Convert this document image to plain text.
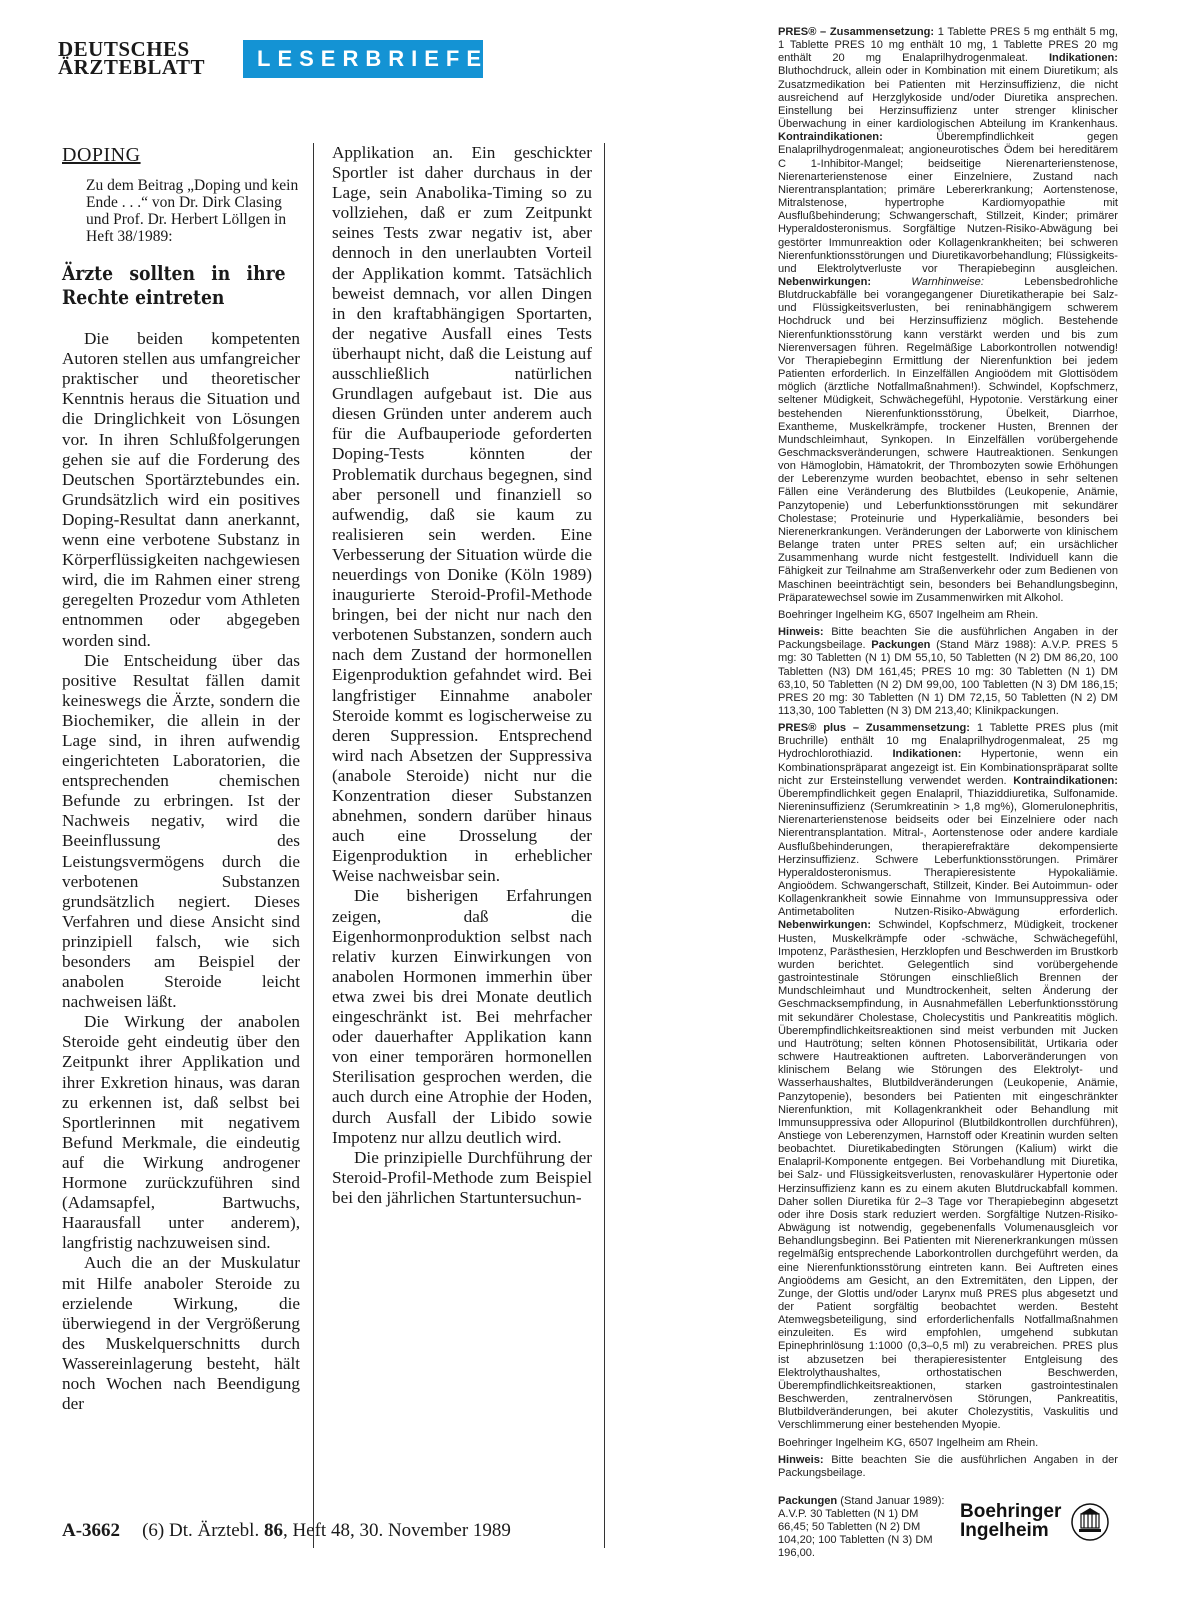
DEUTSCHES
ÄRZTEBLATT	LESERBRIEFE
DOPING
Zu dem Beitrag „Doping und kein Ende . . .“ von Dr. Dirk Clasing und Prof. Dr. Herbert Löllgen in Heft 38/1989:
Ärzte sollten in ihre Rechte eintreten

Die beiden kompetenten Autoren stellen aus umfangreicher praktischer und theoretischer Kenntnis heraus die Situation und die Dringlichkeit von Lösungen vor. In ihren Schlußfolgerungen gehen sie auf die Forderung des Deutschen Sportärztebundes ein. Grundsätzlich wird ein positives Doping-Resultat dann anerkannt, wenn eine verbotene Substanz in Körperflüssigkeiten nachgewiesen wird, die im Rahmen einer streng geregelten Prozedur vom Athleten entnommen oder abgegeben worden sind.

Die Entscheidung über das positive Resultat fällen damit keineswegs die Ärzte, sondern die Biochemiker, die allein in der Lage sind, in ihren aufwendig eingerichteten Laboratorien, die entsprechenden chemischen Befunde zu erbringen. Ist der Nachweis negativ, wird die Beeinflussung des Leistungsvermögens durch die verbotenen Substanzen grundsätzlich negiert. Dieses Verfahren und diese Ansicht sind prinzipiell falsch, wie sich besonders am Beispiel der anabolen Steroide leicht nachweisen läßt.

Die Wirkung der anabolen Steroide geht eindeutig über den Zeitpunkt ihrer Applikation und ihrer Exkretion hinaus, was daran zu erkennen ist, daß selbst bei Sportlerinnen mit negativem Befund Merkmale, die eindeutig auf die Wirkung androgener Hormone zurückzuführen sind (Adamsapfel, Bartwuchs, Haarausfall unter anderem), langfristig nachzuweisen sind.

Auch die an der Muskulatur mit Hilfe anaboler Steroide zu erzielende Wirkung, die überwiegend in der Vergrößerung des Muskelquerschnitts durch Wassereinlagerung besteht, hält noch Wochen nach Beendigung der

Applikation an. Ein geschickter Sportler ist daher durchaus in der Lage, sein Anabolika-Timing so zu vollziehen, daß er zum Zeitpunkt seines Tests zwar negativ ist, aber dennoch in den unerlaubten Vorteil der Applikation kommt. Tatsächlich beweist demnach, vor allen Dingen in den kraftabhängigen Sportarten, der negative Ausfall eines Tests überhaupt nicht, daß die Leistung auf ausschließlich natürlichen Grundlagen aufgebaut ist. Die aus diesen Gründen unter anderem auch für die Aufbauperiode geforderten Doping-Tests könnten der Problematik durchaus begegnen, sind aber personell und finanziell so aufwendig, daß sie kaum zu realisieren sein werden. Eine Verbesserung der Situation würde die neuerdings von Donike (Köln 1989) inaugurierte Steroid-Profil-Methode bringen, bei der nicht nur nach den verbotenen Substanzen, sondern auch nach dem Zustand der hormonellen Eigenproduktion gefahndet wird. Bei langfristiger Einnahme anaboler Steroide kommt es logischerweise zu deren Suppression. Entsprechend wird nach Absetzen der Suppressiva (anabole Steroide) nicht nur die Konzentration dieser Substanzen abnehmen, sondern darüber hinaus auch eine Drosselung der Eigenproduktion in erheblicher Weise nachweisbar sein.

Die bisherigen Erfahrungen zeigen, daß die Eigenhormonproduktion selbst nach relativ kurzen Einwirkungen von anabolen Hormonen immerhin über etwa zwei bis drei Monate deutlich eingeschränkt ist. Bei mehrfacher oder dauerhafter Applikation kann von einer temporären hormonellen Sterilisation gesprochen werden, die auch durch eine Atrophie der Hoden, durch Ausfall der Libido sowie Impotenz nur allzu deutlich wird.

Die prinzipielle Durchführung der Steroid-Profil-Methode zum Beispiel bei den jährlichen Startuntersuchun-

PRES® – Zusammensetzung: 1 Tablette PRES 5 mg enthält 5 mg, 1 Tablette PRES 10 mg enthält 10 mg, 1 Tablette PRES 20 mg enthält 20 mg Enalaprilhydrogenmaleat. Indikationen: Bluthochdruck, allein oder in Kombination mit einem Diuretikum; als Zusatzmedikation bei Patienten mit Herzinsuffizienz, die nicht ausreichend auf Herzglykoside und/oder Diuretika ansprechen. Einstellung bei Herzinsuffizienz unter strenger klinischer Überwachung in einer kardiologischen Abteilung im Krankenhaus. Kontraindikationen: Überempfindlichkeit gegen Enalaprilhydrogenmaleat; angioneurotisches Ödem bei hereditärem C 1-Inhibitor-Mangel; beidseitige Nierenarterienstenose, Nierenarterienstenose einer Einzelniere, Zustand nach Nierentransplantation; primäre Lebererkrankung; Aortenstenose, Mitralstenose, hypertrophe Kardiomyopathie mit Ausflußbehinderung; Schwangerschaft, Stillzeit, Kinder; primärer Hyperaldosteronismus. Sorgfältige Nutzen-Risiko-Abwägung bei gestörter Immunreaktion oder Kollagenkrankheiten; bei schweren Nierenfunktionsstörungen und Diuretikavorbehandlung; Flüssigkeits- und Elektrolytverluste vor Therapiebeginn ausgleichen. Nebenwirkungen:	Warnhinweise: Lebensbedrohliche Blutdruckabfälle bei vorangegangener Diuretikatherapie bei Salz- und Flüssigkeitsverlusten, bei reninabhängigem schwerem Hochdruck und bei Herzinsuffizienz möglich. Bestehende Nierenfunktionsstörung kann verstärkt werden und bis zum Nierenversagen führen. Regelmäßige Laborkontrollen notwendig! Vor Therapiebeginn Ermittlung der Nierenfunktion bei jedem Patienten erforderlich. In Einzelfällen Angioödem mit Glottisödem möglich (ärztliche Notfallmaßnahmen!). Schwindel, Kopfschmerz, seltener Müdigkeit, Schwächegefühl, Hypotonie. Verstärkung einer bestehenden Nierenfunktionsstörung, Übelkeit, Diarrhoe, Exantheme, Muskelkrämpfe, trockener Husten, Brennen der Mundschleimhaut, Synkopen. In Einzelfällen vorübergehende Geschmacksveränderungen, schwere Hautreaktionen. Senkungen von Hämoglobin, Hämatokrit, der Thrombozyten sowie Erhöhungen der Leberenzyme wurden beobachtet, ebenso in sehr seltenen Fällen eine Veränderung des Blutbildes (Leukopenie, Anämie, Panzytopenie) und Leberfunktionsstörungen mit sekundärer Cholestase; Proteinurie und Hyperkaliämie, besonders bei Nierenerkrankungen. Veränderungen der Laborwerte von klinischem Belange traten unter PRES selten auf; ein ursächlicher Zusammenhang wurde nicht festgestellt. Individuell kann die Fähigkeit zur Teilnahme am Straßenverkehr oder zum Bedienen von Maschinen beeinträchtigt sein, besonders bei Behandlungsbeginn, Präparatewechsel sowie im Zusammenwirken mit Alkohol.

Boehringer Ingelheim KG, 6507 Ingelheim am Rhein.

Hinweis: Bitte beachten Sie die ausführlichen Angaben in der Packungsbeilage. Packungen (Stand März 1988): A.V.P. PRES 5 mg: 30 Tabletten (N 1) DM 55,10, 50 Tabletten (N 2) DM 86,20, 100 Tabletten (N3) DM 161,45; PRES 10 mg: 30 Tabletten (N 1) DM 63,10, 50 Tabletten (N 2) DM 99,00, 100 Tabletten (N 3) DM 186,15; PRES 20 mg: 30 Tabletten (N 1) DM 72,15, 50 Tabletten (N 2) DM 113,30, 100 Tabletten (N 3) DM 213,40; Klinikpackungen.

PRES® plus – Zusammensetzung: 1 Tablette PRES plus (mit Bruchrille) enthält 10 mg Enalaprilhydrogenmaleat, 25 mg Hydrochlorothiazid. Indikationen: Hypertonie, wenn ein Kombinationspräparat angezeigt ist. Ein Kombinationspräparat sollte nicht zur Ersteinstellung verwendet werden. Kontraindikationen: Überempfindlichkeit gegen Enalapril, Thiaziddiuretika, Sulfonamide. Niereninsuffizienz (Serumkreatinin > 1,8 mg%), Glomerulonephritis, Nierenarterienstenose beidseits oder bei Einzelniere oder nach Nierentransplantation. Mitral-, Aortenstenose oder andere kardiale Ausflußbehinderungen, therapierefraktäre dekompensierte Herzinsuffizienz. Schwere Leberfunktionsstörungen. Primärer Hyperaldosteronismus. Therapieresistente Hypokaliämie. Angioödem. Schwangerschaft, Stillzeit, Kinder. Bei Autoimmun- oder Kollagenkrankheit sowie Einnahme von Immunsuppressiva oder Antimetaboliten Nutzen-Risiko-Abwägung erforderlich. Nebenwirkungen: Schwindel, Kopfschmerz, Müdigkeit, trockener Husten, Muskelkrämpfe oder -schwäche, Schwächegefühl, Impotenz, Parästhesien, Herzklopfen und Beschwerden im Brustkorb wurden berichtet. Gelegentlich sind vorübergehende gastrointestinale Störungen einschließlich Brennen der Mundschleimhaut und Mundtrockenheit, selten Änderung der Geschmacksempfindung, in Ausnahmefällen Leberfunktionsstörung mit sekundärer Cholestase, Cholecystitis und Pankreatitis möglich. Überempfindlichkeitsreaktionen sind meist verbunden mit Jucken und Hautrötung; selten können Photosensibilität, Urtikaria oder schwere Hautreaktionen auftreten. Laborveränderungen von klinischem Belang wie Störungen des Elektrolyt- und Wasserhaushaltes, Blutbildveränderungen (Leukopenie, Anämie, Panzytopenie), besonders bei Patienten mit eingeschränkter Nierenfunktion, mit Kollagenkrankheit oder Behandlung mit Immunsuppressiva oder Allopurinol (Blutbildkontrollen durchführen), Anstiege von Leberenzymen, Harnstoff oder Kreatinin wurden selten beobachtet. Diuretikabedingten Störungen (Kalium) wirkt die Enalapril-Komponente entgegen. Bei Vorbehandlung mit Diuretika, bei Salz- und Flüssigkeitsverlusten, renovaskulärer Hypertonie oder Herzinsuffizienz kann es zu einem akuten Blutdruckabfall kommen. Daher sollen Diuretika für 2–3 Tage vor Therapiebeginn abgesetzt oder ihre Dosis stark reduziert werden. Sorgfältige Nutzen-Risiko-Abwägung ist notwendig, gegebenenfalls Volumenausgleich vor Behandlungsbeginn. Bei Patienten mit Nierenerkrankungen müssen regelmäßig entsprechende Laborkontrollen durchgeführt werden, da eine Nierenfunktionsstörung eintreten kann. Bei Auftreten eines Angioödems am Gesicht, an den Extremitäten, den Lippen, der Zunge, der Glottis und/oder Larynx muß PRES plus abgesetzt und der Patient sorgfältig beobachtet werden. Besteht Atemwegsbeteiligung, sind erforderlichenfalls Notfallmaßnahmen einzuleiten. Es wird empfohlen, umgehend subkutan Epinephrinlösung 1:1000 (0,3–0,5 ml) zu verabreichen. PRES plus ist abzusetzen bei therapieresistenter Entgleisung des Elektrolythaushaltes, orthostatischen Beschwerden, Überempfindlichkeitsreaktionen, starken gastrointestinalen Beschwerden, zentralnervösen Störungen, Pankreatitis, Blutbildveränderungen, bei akuter Cholezystitis, Vaskulitis und Verschlimmerung einer bestehenden Myopie.

Boehringer Ingelheim KG, 6507 Ingelheim am Rhein.

Hinweis: Bitte beachten Sie die ausführlichen Angaben in der Packungsbeilage.

Packungen (Stand Januar 1989): A.V.P. 30 Tabletten (N 1) DM 66,45; 50 Tabletten (N 2) DM 104,20; 100 Tabletten (N 3) DM 196,00.
Boehringer
Ingelheim
A-3662 (6) Dt. Ärztebl. 86, Heft 48, 30. November 1989
